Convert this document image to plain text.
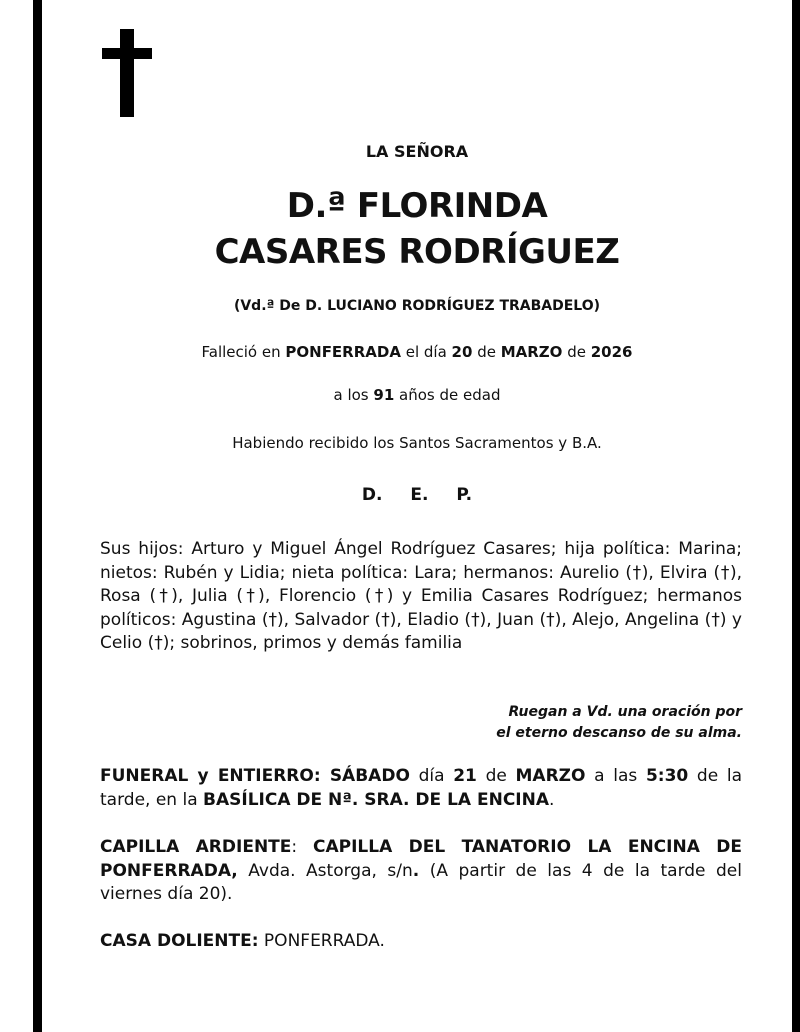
LA SEÑORA
D.ª FLORINDA
CASARES RODRÍGUEZ
(Vd.ª De D. LUCIANO RODRÍGUEZ TRABADELO)
Falleció en PONFERRADA el día 20 de MARZO de 2026
a los 91 años de edad
Habiendo recibido los Santos Sacramentos y B.A.
D. E. P.
Sus hijos: Arturo y Miguel Ángel Rodríguez Casares; hija política: Marina; nietos: Rubén y Lidia; nieta política: Lara; hermanos: Aurelio (†), Elvira (†), Rosa (†), Julia (†), Florencio (†) y Emilia Casares Rodríguez; hermanos políticos: Agustina (†), Salvador (†), Eladio (†), Juan (†), Alejo, Angelina (†) y Celio (†); sobrinos, primos y demás familia
Ruegan a Vd. una oración por
el eterno descanso de su alma.
FUNERAL y ENTIERRO: SÁBADO día 21 de MARZO a las 5:30 de la tarde, en la BASÍLICA DE Nª. SRA. DE LA ENCINA.
CAPILLA ARDIENTE: CAPILLA DEL TANATORIO LA ENCINA DE PONFERRADA, Avda. Astorga, s/n. (A partir de las 4 de la tarde del viernes día 20).
CASA DOLIENTE: PONFERRADA.
